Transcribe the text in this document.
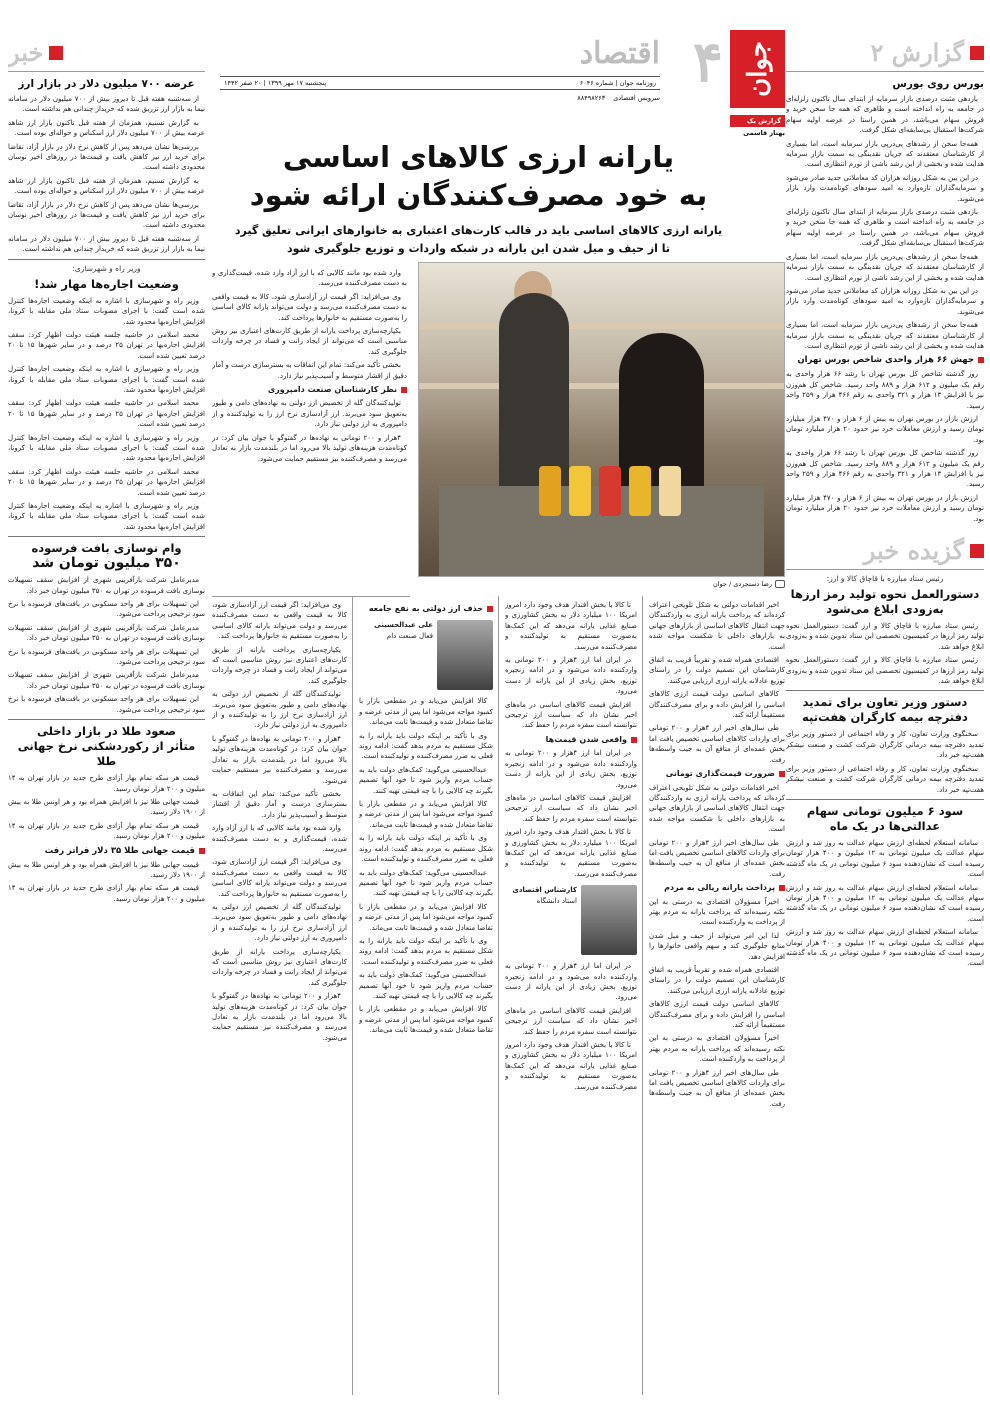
گزارش ۲
بورس روی بورس

بازدهی مثبت درصدی بازار سرمایه از ابتدای سال تاکنون زلزله‌ای در جامعه به راه انداخته است و ظاهری که همه جا سخن خرید و فروش سهام می‌باشد، در همین راستا در عرضه اولیه سهام شرکت‌ها استقبال بی‌سابقه‌ای شکل گرفت.

همه‌جا سخن از رشدهای پی‌درپی بازار سرمایه است، اما بسیاری از کارشناسان معتقدند که جریان نقدینگی به سمت بازار سرمایه هدایت شده و بخشی از این رشد ناشی از تورم انتظاری است.

در این بین به شکل روزانه هزاران کد معاملاتی جدید صادر می‌شود و سرمایه‌گذاران تازه‌وارد به امید سودهای کوتاه‌مدت وارد بازار می‌شوند.

بازدهی مثبت درصدی بازار سرمایه از ابتدای سال تاکنون زلزله‌ای در جامعه به راه انداخته است و ظاهری که همه جا سخن خرید و فروش سهام می‌باشد، در همین راستا در عرضه اولیه سهام شرکت‌ها استقبال بی‌سابقه‌ای شکل گرفت.

همه‌جا سخن از رشدهای پی‌درپی بازار سرمایه است، اما بسیاری از کارشناسان معتقدند که جریان نقدینگی به سمت بازار سرمایه هدایت شده و بخشی از این رشد ناشی از تورم انتظاری است.

در این بین به شکل روزانه هزاران کد معاملاتی جدید صادر می‌شود و سرمایه‌گذاران تازه‌وارد به امید سودهای کوتاه‌مدت وارد بازار می‌شوند.

همه‌جا سخن از رشدهای پی‌درپی بازار سرمایه است، اما بسیاری از کارشناسان معتقدند که جریان نقدینگی به سمت بازار سرمایه هدایت شده و بخشی از این رشد ناشی از تورم انتظاری است.

جهش ۶۶ هزار واحدی شاخص بورس تهران

روز گذشته شاخص کل بورس تهران با رشد ۶۶ هزار واحدی به رقم یک میلیون و ۶۱۲ هزار و ۸۸۹ واحد رسید. شاخص کل هم‌وزن نیز با افزایش ۱۳ هزار و ۳۲۱ واحدی به رقم ۴۶۶ هزار و ۲۵۹ واحد رسید.

ارزش بازار در بورس تهران به بیش از ۶ هزار و ۴۷۰ هزار میلیارد تومان رسید و ارزش معاملات خرد نیز حدود ۲۰ هزار میلیارد تومان بود.

روز گذشته شاخص کل بورس تهران با رشد ۶۶ هزار واحدی به رقم یک میلیون و ۶۱۲ هزار و ۸۸۹ واحد رسید. شاخص کل هم‌وزن نیز با افزایش ۱۳ هزار و ۳۲۱ واحدی به رقم ۴۶۶ هزار و ۲۵۹ واحد رسید.

ارزش بازار در بورس تهران به بیش از ۶ هزار و ۴۷۰ هزار میلیارد تومان رسید و ارزش معاملات خرد نیز حدود ۲۰ هزار میلیارد تومان بود.

گزیده خبر
رئیس ستاد مبارزه با قاچاق کالا و ارز:
دستورالعمل نحوه تولید رمز ارزها به‌زودی ابلاغ می‌شود

رئیس ستاد مبارزه با قاچاق کالا و ارز گفت: دستورالعمل نحوه تولید رمز ارزها در کمیسیون تخصصی این ستاد تدوین شده و به‌زودی ابلاغ خواهد شد.

رئیس ستاد مبارزه با قاچاق کالا و ارز گفت: دستورالعمل نحوه تولید رمز ارزها در کمیسیون تخصصی این ستاد تدوین شده و به‌زودی ابلاغ خواهد شد.

دستور وزیر تعاون برای تمدید دفترچه بیمه کارگران هفت‌تپه

سخنگوی وزارت تعاون، کار و رفاه اجتماعی از دستور وزیر برای تمدید دفترچه بیمه درمانی کارگران شرکت کشت و صنعت نیشکر هفت‌تپه خبر داد.

سخنگوی وزارت تعاون، کار و رفاه اجتماعی از دستور وزیر برای تمدید دفترچه بیمه درمانی کارگران شرکت کشت و صنعت نیشکر هفت‌تپه خبر داد.

سود ۶ میلیون تومانی سهام عدالتی‌ها در یک ماه

سامانه استعلام لحظه‌ای ارزش سهام عدالت به روز شد و ارزش سهام عدالت یک میلیون تومانی به ۱۲ میلیون و ۴۰۰ هزار تومان رسیده است که نشان‌دهنده سود ۶ میلیون تومانی در یک ماه گذشته است.

سامانه استعلام لحظه‌ای ارزش سهام عدالت به روز شد و ارزش سهام عدالت یک میلیون تومانی به ۱۲ میلیون و ۴۰۰ هزار تومان رسیده است که نشان‌دهنده سود ۶ میلیون تومانی در یک ماه گذشته است.

سامانه استعلام لحظه‌ای ارزش سهام عدالت به روز شد و ارزش سهام عدالت یک میلیون تومانی به ۱۲ میلیون و ۴۰۰ هزار تومان رسیده است که نشان‌دهنده سود ۶ میلیون تومانی در یک ماه گذشته است.

جوان
۴
اقتصاد
روزنامه جوان | شماره ۶۰۴۶
پنجشنبه ۱۷ مهر ۱۳۹۹ | ۲۰ صفر ۱۴۴۲
سرویس اقتصادی
۸۸۴۹۸۲۶۳
گزارش یک
بهناز قاسمی
یارانه ارزی کالاهای اساسی
به خود مصرف‌کنندگان ارائه شود
یارانه ارزی کالاهای اساسی باید در قالب کارت‌های اعتباری به خانوارهای ایرانی تعلیق گیرد
تا از حیف و میل شدن این یارانه در شبکه واردات و توزیع جلوگیری شود

وارد شده بود مانند کالایی که با ارز آزاد وارد شده، قیمت‌گذاری و به دست مصرف‌کننده می‌رسد.

وی می‌افزاید: اگر قیمت ارز آزادسازی شود، کالا به قیمت واقعی به دست مصرف‌کننده می‌رسد و دولت می‌تواند یارانه کالای اساسی را به‌صورت مستقیم به خانوارها پرداخت کند.

یکپارچه‌سازی پرداخت یارانه از طریق کارت‌های اعتباری نیز روش مناسبی است که می‌تواند از ایجاد رانت و فساد در چرخه واردات جلوگیری کند.

بخشی تأکید می‌کند: تمام این اتفاقات به بستر‌سازی درست و آمار دقیق از اقشار متوسط و آسیب‌پذیر نیاز دارد.

نظر کارشناسان صنعت دامپروری

تولیدکنندگان گله از تخصیص ارز دولتی به نهاده‌های دامی و طیور به‌تعویق سود می‌برند. ارز آزادسازی نرخ ارز را به تولیدکننده و از دامپروری به ارز دولتی نیاز دارد.

۴هزار و ۲۰۰ تومانی به نهاده‌ها در گفتوگو با جوان بیان کرد: در کوتاه‌مدت هزینه‌های تولید بالا می‌رود اما در بلندمدت بازار به تعادل می‌رسد و مصرف‌کننده نیز مستقیم حمایت می‌شود.

رضا دستجردی / جوان

اخیر اقدامات دولتی به شکل تلویحی اعتراف کرده‌اند که پرداخت یارانه ارزی به واردکنندگان جهت انتقال کالاهای اساسی از بازارهای جهانی به بازارهای داخلی با شکست مواجه شده است.

اقتصادی همراه شده و تقریباً قریب به اتفاق کارشناسان این تصمیم دولت را در راستای توزیع عادلانه یارانه ارزی ارزیابی می‌کنند.

کالاهای اساسی دولت قیمت ارزی کالاهای اساسی را افزایش داده و برای مصرف‌کنندگان مستقیماً ارائه کند.

طی سال‌های اخیر ارز ۴هزار و ۲۰۰ تومانی برای واردات کالاهای اساسی تخصیص یافت اما بخش عمده‌ای از منافع آن به جیب واسطه‌ها رفت.

ضرورت قیمت‌گذاری تومانی

اخیر اقدامات دولتی به شکل تلویحی اعتراف کرده‌اند که پرداخت یارانه ارزی به واردکنندگان جهت انتقال کالاهای اساسی از بازارهای جهانی به بازارهای داخلی با شکست مواجه شده است.

طی سال‌های اخیر ارز ۴هزار و ۲۰۰ تومانی برای واردات کالاهای اساسی تخصیص یافت اما بخش عمده‌ای از منافع آن به جیب واسطه‌ها رفت.

پرداخت یارانه ریالی به مردم

اخیراً مسؤولان اقتصادی به درستی به این نکته رسیده‌اند که پرداخت یارانه به مردم بهتر از پرداخت به واردکننده است.

لذا این امر می‌تواند از حیف و میل شدن منابع جلوگیری کند و سهم واقعی خانوارها را افزایش دهد.

اقتصادی همراه شده و تقریباً قریب به اتفاق کارشناسان این تصمیم دولت را در راستای توزیع عادلانه یارانه ارزی ارزیابی می‌کنند.

کالاهای اساسی دولت قیمت ارزی کالاهای اساسی را افزایش داده و برای مصرف‌کنندگان مستقیماً ارائه کند.

اخیراً مسؤولان اقتصادی به درستی به این نکته رسیده‌اند که پرداخت یارانه به مردم بهتر از پرداخت به واردکننده است.

طی سال‌های اخیر ارز ۴هزار و ۲۰۰ تومانی برای واردات کالاهای اساسی تخصیص یافت اما بخش عمده‌ای از منافع آن به جیب واسطه‌ها رفت.

تا کالا با بخش اقتدار هدف وجود دارد امروز امریکا ۱۰۰ میلیارد دلار به بخش کشاورزی و صنایع غذایی یارانه می‌دهد که این کمک‌ها به‌صورت مستقیم به تولیدکننده و مصرف‌کننده می‌رسد.

در ایران اما ارز ۴هزار و ۲۰۰ تومانی به واردکننده داده می‌شود و در ادامه زنجیره توزیع، بخش زیادی از این یارانه از دست می‌رود.

افزایش قیمت کالاهای اساسی در ماه‌های اخیر نشان داد که سیاست ارز ترجیحی نتوانسته است سفره مردم را حفظ کند.

واقعی شدن قیمت‌ها

در ایران اما ارز ۴هزار و ۲۰۰ تومانی به واردکننده داده می‌شود و در ادامه زنجیره توزیع، بخش زیادی از این یارانه از دست می‌رود.

افزایش قیمت کالاهای اساسی در ماه‌های اخیر نشان داد که سیاست ارز ترجیحی نتوانسته است سفره مردم را حفظ کند.

تا کالا با بخش اقتدار هدف وجود دارد امروز امریکا ۱۰۰ میلیارد دلار به بخش کشاورزی و صنایع غذایی یارانه می‌دهد که این کمک‌ها به‌صورت مستقیم به تولیدکننده و مصرف‌کننده می‌رسد.

کارشناس اقتصادی
استاد دانشگاه

در ایران اما ارز ۴هزار و ۲۰۰ تومانی به واردکننده داده می‌شود و در ادامه زنجیره توزیع، بخش زیادی از این یارانه از دست می‌رود.

افزایش قیمت کالاهای اساسی در ماه‌های اخیر نشان داد که سیاست ارز ترجیحی نتوانسته است سفره مردم را حفظ کند.

تا کالا با بخش اقتدار هدف وجود دارد امروز امریکا ۱۰۰ میلیارد دلار به بخش کشاورزی و صنایع غذایی یارانه می‌دهد که این کمک‌ها به‌صورت مستقیم به تولیدکننده و مصرف‌کننده می‌رسد.

حذف ارز دولتی به نفع جامعه
علی عبدالحسینی
فعال صنعت دام

کالا افزایش می‌یابد و در مقطعی بازار با کمبود مواجه می‌شود اما پس از مدتی عرضه و تقاضا متعادل شده و قیمت‌ها ثابت می‌ماند.

وی با تأکید بر اینکه دولت باید یارانه را به شکل مستقیم به مردم بدهد گفت: ادامه روند فعلی به ضرر مصرف‌کننده و تولیدکننده است.

عبدالحسینی می‌گوید: کمک‌های دولت باید به حساب مردم واریز شود تا خود آنها تصمیم بگیرند چه کالایی را با چه قیمتی تهیه کنند.

کالا افزایش می‌یابد و در مقطعی بازار با کمبود مواجه می‌شود اما پس از مدتی عرضه و تقاضا متعادل شده و قیمت‌ها ثابت می‌ماند.

وی با تأکید بر اینکه دولت باید یارانه را به شکل مستقیم به مردم بدهد گفت: ادامه روند فعلی به ضرر مصرف‌کننده و تولیدکننده است.

عبدالحسینی می‌گوید: کمک‌های دولت باید به حساب مردم واریز شود تا خود آنها تصمیم بگیرند چه کالایی را با چه قیمتی تهیه کنند.

کالا افزایش می‌یابد و در مقطعی بازار با کمبود مواجه می‌شود اما پس از مدتی عرضه و تقاضا متعادل شده و قیمت‌ها ثابت می‌ماند.

وی با تأکید بر اینکه دولت باید یارانه را به شکل مستقیم به مردم بدهد گفت: ادامه روند فعلی به ضرر مصرف‌کننده و تولیدکننده است.

عبدالحسینی می‌گوید: کمک‌های دولت باید به حساب مردم واریز شود تا خود آنها تصمیم بگیرند چه کالایی را با چه قیمتی تهیه کنند.

کالا افزایش می‌یابد و در مقطعی بازار با کمبود مواجه می‌شود اما پس از مدتی عرضه و تقاضا متعادل شده و قیمت‌ها ثابت می‌ماند.

وی می‌افزاید: اگر قیمت ارز آزادسازی شود، کالا به قیمت واقعی به دست مصرف‌کننده می‌رسد و دولت می‌تواند یارانه کالای اساسی را به‌صورت مستقیم به خانوارها پرداخت کند.

یکپارچه‌سازی پرداخت یارانه از طریق کارت‌های اعتباری نیز روش مناسبی است که می‌تواند از ایجاد رانت و فساد در چرخه واردات جلوگیری کند.

تولیدکنندگان گله از تخصیص ارز دولتی به نهاده‌های دامی و طیور به‌تعویق سود می‌برند. ارز آزادسازی نرخ ارز را به تولیدکننده و از دامپروری به ارز دولتی نیاز دارد.

۴هزار و ۲۰۰ تومانی به نهاده‌ها در گفتوگو با جوان بیان کرد: در کوتاه‌مدت هزینه‌های تولید بالا می‌رود اما در بلندمدت بازار به تعادل می‌رسد و مصرف‌کننده نیز مستقیم حمایت می‌شود.

بخشی تأکید می‌کند: تمام این اتفاقات به بستر‌سازی درست و آمار دقیق از اقشار متوسط و آسیب‌پذیر نیاز دارد.

وارد شده بود مانند کالایی که با ارز آزاد وارد شده، قیمت‌گذاری و به دست مصرف‌کننده می‌رسد.

وی می‌افزاید: اگر قیمت ارز آزادسازی شود، کالا به قیمت واقعی به دست مصرف‌کننده می‌رسد و دولت می‌تواند یارانه کالای اساسی را به‌صورت مستقیم به خانوارها پرداخت کند.

تولیدکنندگان گله از تخصیص ارز دولتی به نهاده‌های دامی و طیور به‌تعویق سود می‌برند. ارز آزادسازی نرخ ارز را به تولیدکننده و از دامپروری به ارز دولتی نیاز دارد.

یکپارچه‌سازی پرداخت یارانه از طریق کارت‌های اعتباری نیز روش مناسبی است که می‌تواند از ایجاد رانت و فساد در چرخه واردات جلوگیری کند.

۴هزار و ۲۰۰ تومانی به نهاده‌ها در گفتوگو با جوان بیان کرد: در کوتاه‌مدت هزینه‌های تولید بالا می‌رود اما در بلندمدت بازار به تعادل می‌رسد و مصرف‌کننده نیز مستقیم حمایت می‌شود.

خبر
عرضه ۷۰۰ میلیون دلار در بازار ارز

از سه‌شنبه هفته قبل تا دیروز بیش از ۷۰۰ میلیون دلار در سامانه نیما به بازار ارز تزریق شده که خریدار چندانی هم نداشته است.

به گزارش تسنیم، همزمان از هفته قبل تاکنون بازار ارز شاهد عرضه بیش از ۷۰۰ میلیون دلار ارز اسکناس و حواله‌ای بوده است.

بررسی‌ها نشان می‌دهد پس از کاهش نرخ دلار در بازار آزاد، تقاضا برای خرید ارز نیز کاهش یافت و قیمت‌ها در روزهای اخیر نوسان محدودی داشته است.

به گزارش تسنیم، همزمان از هفته قبل تاکنون بازار ارز شاهد عرضه بیش از ۷۰۰ میلیون دلار ارز اسکناس و حواله‌ای بوده است.

بررسی‌ها نشان می‌دهد پس از کاهش نرخ دلار در بازار آزاد، تقاضا برای خرید ارز نیز کاهش یافت و قیمت‌ها در روزهای اخیر نوسان محدودی داشته است.

از سه‌شنبه هفته قبل تا دیروز بیش از ۷۰۰ میلیون دلار در سامانه نیما به بازار ارز تزریق شده که خریدار چندانی هم نداشته است.

وزیر راه و شهرسازی:
وضعیت اجاره‌ها مهار شد!

وزیر راه و شهرسازی با اشاره به اینکه وضعیت اجاره‌ها کنترل شده است گفت: با اجرای مصوبات ستاد ملی مقابله با کرونا، افزایش اجاره‌بها محدود شد.

محمد اسلامی در حاشیه جلسه هیئت دولت اظهار کرد: سقف افزایش اجاره‌بها در تهران ۲۵ درصد و در سایر شهرها ۱۵ تا ۲۰ درصد تعیین شده است.

وزیر راه و شهرسازی با اشاره به اینکه وضعیت اجاره‌ها کنترل شده است گفت: با اجرای مصوبات ستاد ملی مقابله با کرونا، افزایش اجاره‌بها محدود شد.

محمد اسلامی در حاشیه جلسه هیئت دولت اظهار کرد: سقف افزایش اجاره‌بها در تهران ۲۵ درصد و در سایر شهرها ۱۵ تا ۲۰ درصد تعیین شده است.

وزیر راه و شهرسازی با اشاره به اینکه وضعیت اجاره‌ها کنترل شده است گفت: با اجرای مصوبات ستاد ملی مقابله با کرونا، افزایش اجاره‌بها محدود شد.

محمد اسلامی در حاشیه جلسه هیئت دولت اظهار کرد: سقف افزایش اجاره‌بها در تهران ۲۵ درصد و در سایر شهرها ۱۵ تا ۲۰ درصد تعیین شده است.

وزیر راه و شهرسازی با اشاره به اینکه وضعیت اجاره‌ها کنترل شده است گفت: با اجرای مصوبات ستاد ملی مقابله با کرونا، افزایش اجاره‌بها محدود شد.

وام نوسازی بافت فرسوده
۳۵۰ میلیون تومان شد

مدیرعامل شرکت بازآفرینی شهری از افزایش سقف تسهیلات نوسازی بافت فرسوده در تهران به ۳۵۰ میلیون تومان خبر داد.

این تسهیلات برای هر واحد مسکونی در بافت‌های فرسوده با نرخ سود ترجیحی پرداخت می‌شود.

مدیرعامل شرکت بازآفرینی شهری از افزایش سقف تسهیلات نوسازی بافت فرسوده در تهران به ۳۵۰ میلیون تومان خبر داد.

این تسهیلات برای هر واحد مسکونی در بافت‌های فرسوده با نرخ سود ترجیحی پرداخت می‌شود.

مدیرعامل شرکت بازآفرینی شهری از افزایش سقف تسهیلات نوسازی بافت فرسوده در تهران به ۳۵۰ میلیون تومان خبر داد.

این تسهیلات برای هر واحد مسکونی در بافت‌های فرسوده با نرخ سود ترجیحی پرداخت می‌شود.

صعود طلا در بازار داخلی
متأثر از رکوردشکنی نرخ جهانی طلا

قیمت هر سکه تمام بهار آزادی طرح جدید در بازار تهران به ۱۴ میلیون و ۲۰۰ هزار تومان رسید.

قیمت جهانی طلا نیز با افزایش همراه بود و هر اونس طلا به بیش از ۱۹۰۰ دلار رسید.

قیمت هر سکه تمام بهار آزادی طرح جدید در بازار تهران به ۱۴ میلیون و ۲۰۰ هزار تومان رسید.

قیمت جهانی طلا ۳۵ دلار فراتر رفت

قیمت جهانی طلا نیز با افزایش همراه بود و هر اونس طلا به بیش از ۱۹۰۰ دلار رسید.

قیمت هر سکه تمام بهار آزادی طرح جدید در بازار تهران به ۱۴ میلیون و ۲۰۰ هزار تومان رسید.
